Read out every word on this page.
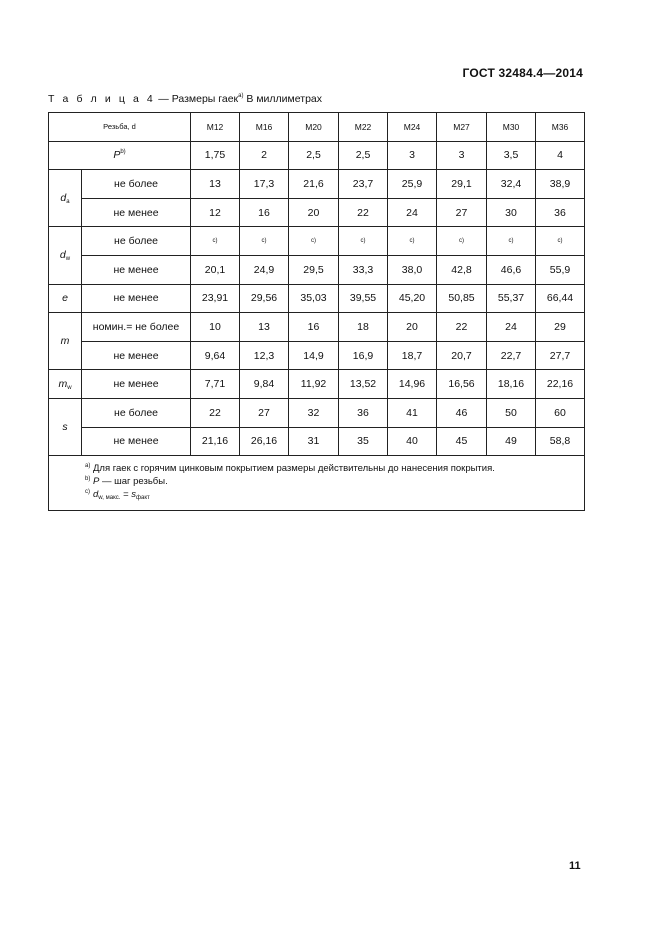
ГОСТ 32484.4—2014
Т а б л и ц а 4 — Размеры гаек$^{a)}$ В миллиметрах
Резьба, d		M12	M16	M20	M22	M24	M27	M30	M36
$P^{b)}$		1,75	2	2,5	2,5	3	3	3,5	4
$d_a$	не более	13	17,3	21,6	23,7	25,9	29,1	32,4	38,9
	не менее	12	16	20	22	24	27	30	36
$d_w$	не более	c)	c)	c)	c)	c)	c)	c)	c)
	не менее	20,1	24,9	29,5	33,3	38,0	42,8	46,6	55,9
e	не менее	23,91	29,56	35,03	39,55	45,20	50,85	55,37	66,44
m	номин.= не более	10	13	16	18	20	22	24	29
	не менее	9,64	12,3	14,9	16,9	18,7	20,7	22,7	27,7
$m_w$	не менее	7,71	9,84	11,92	13,52	14,96	16,56	18,16	22,16
s	не более	22	27	32	36	41	46	50	60
	не менее	21,16	26,16	31	35	40	45	49	58,8

$^{a)}$ Для гаек с горячим цинковым покрытием размеры действительны до нанесения покрытия.
$^{b)}$ P — шаг резьбы.
$^{c)}$ $d_{w, макс.} = s_{факт}$
11
